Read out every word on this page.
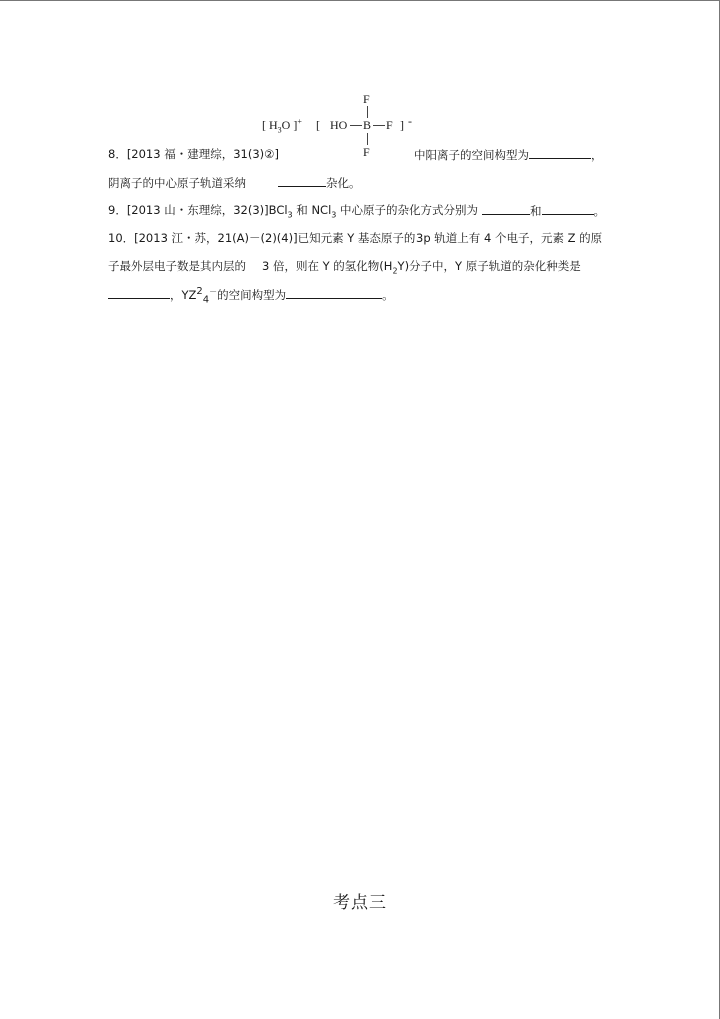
[ $H_3O$ ]+ [ HO B F
F
F
] -
8．[2013 福・建理综，31(3)②]	中阳离子的空间构型为	，
阴离子的中心原子轨道采纳	杂化。
9．[2013 山・东理综，32(3)]BCl$_3$ 和 NCl$_3$ 中心原子的杂化方式分别为	和	。
10．[2013 江・苏，21(A)－(2)(4)]已知元素 Y 基态原子的 3p 轨道上有 4 个电子，元素 Z 的原
子最外层电子数是其内层的 3 倍，则在 Y 的氢化物$(H_2Y)$分子中，Y 原子轨道的杂化种类是
，$YZ^2_4^-$的空间构型为	。
考点三
